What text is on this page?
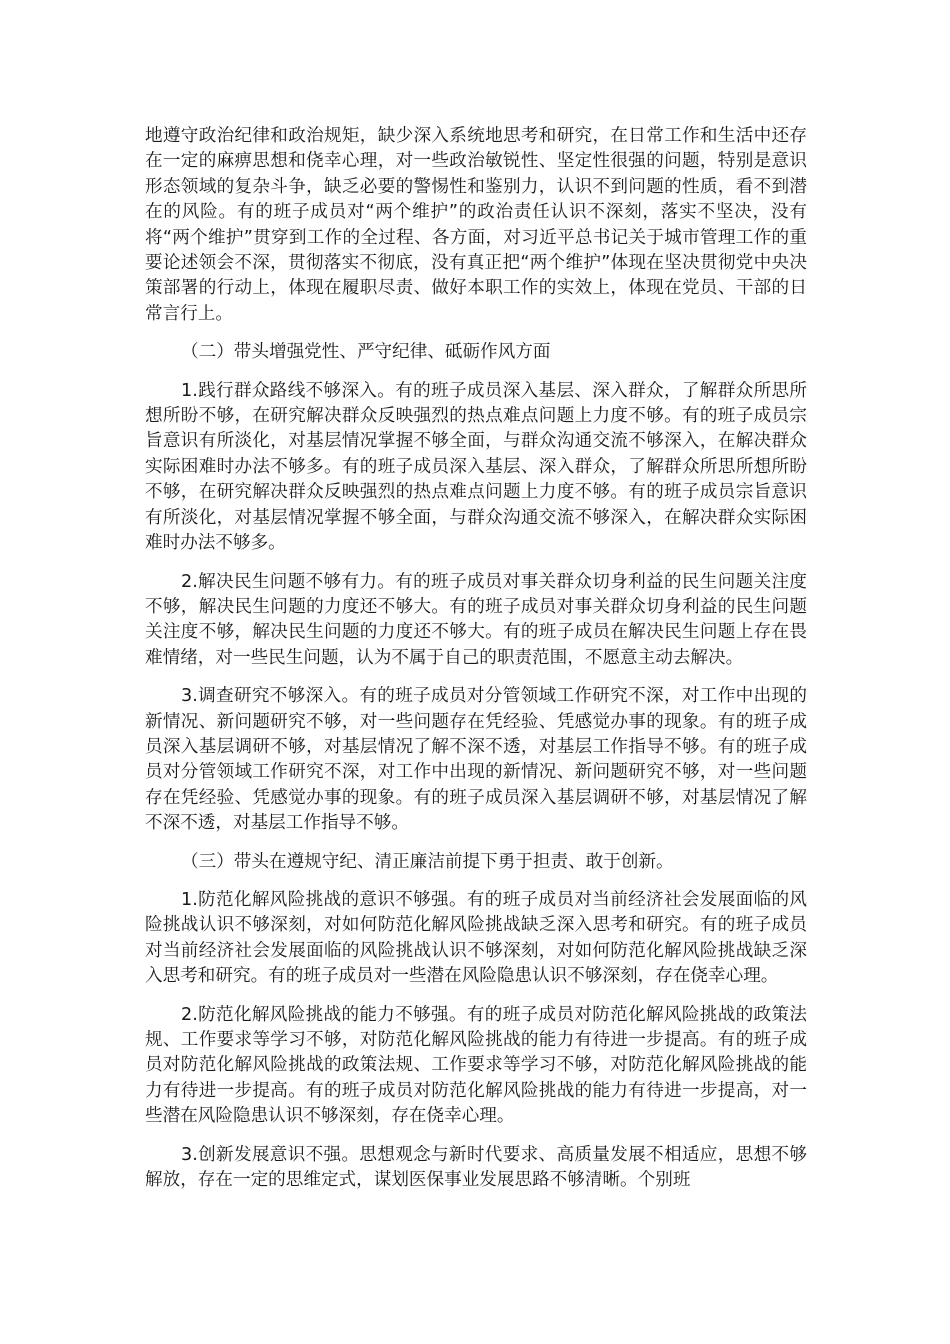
地遵守政治纪律和政治规矩，缺少深入系统地思考和研究，在日常工作和生活中还存在一定的麻痹思想和侥幸心理，对一些政治敏锐性、坚定性很强的问题，特别是意识形态领域的复杂斗争，缺乏必要的警惕性和鉴别力，认识不到问题的性质，看不到潜在的风险。有的班子成员对“两个维护”的政治责任认识不深刻，落实不坚决，没有将“两个维护”贯穿到工作的全过程、各方面，对习近平总书记关于城市管理工作的重要论述领会不深，贯彻落实不彻底，没有真正把“两个维护”体现在坚决贯彻党中央决策部署的行动上，体现在履职尽责、做好本职工作的实效上，体现在党员、干部的日常言行上。

（二）带头增强党性、严守纪律、砥砺作风方面

1.践行群众路线不够深入。有的班子成员深入基层、深入群众，了解群众所思所想所盼不够，在研究解决群众反映强烈的热点难点问题上力度不够。有的班子成员宗旨意识有所淡化，对基层情况掌握不够全面，与群众沟通交流不够深入，在解决群众实际困难时办法不够多。有的班子成员深入基层、深入群众，了解群众所思所想所盼不够，在研究解决群众反映强烈的热点难点问题上力度不够。有的班子成员宗旨意识有所淡化，对基层情况掌握不够全面，与群众沟通交流不够深入，在解决群众实际困难时办法不够多。

2.解决民生问题不够有力。有的班子成员对事关群众切身利益的民生问题关注度不够，解决民生问题的力度还不够大。有的班子成员对事关群众切身利益的民生问题关注度不够，解决民生问题的力度还不够大。有的班子成员在解决民生问题上存在畏难情绪，对一些民生问题，认为不属于自己的职责范围，不愿意主动去解决。

3.调查研究不够深入。有的班子成员对分管领域工作研究不深，对工作中出现的新情况、新问题研究不够，对一些问题存在凭经验、凭感觉办事的现象。有的班子成员深入基层调研不够，对基层情况了解不深不透，对基层工作指导不够。有的班子成员对分管领域工作研究不深，对工作中出现的新情况、新问题研究不够，对一些问题存在凭经验、凭感觉办事的现象。有的班子成员深入基层调研不够，对基层情况了解不深不透，对基层工作指导不够。

（三）带头在遵规守纪、清正廉洁前提下勇于担责、敢于创新。

1.防范化解风险挑战的意识不够强。有的班子成员对当前经济社会发展面临的风险挑战认识不够深刻，对如何防范化解风险挑战缺乏深入思考和研究。有的班子成员对当前经济社会发展面临的风险挑战认识不够深刻，对如何防范化解风险挑战缺乏深入思考和研究。有的班子成员对一些潜在风险隐患认识不够深刻，存在侥幸心理。

2.防范化解风险挑战的能力不够强。有的班子成员对防范化解风险挑战的政策法规、工作要求等学习不够，对防范化解风险挑战的能力有待进一步提高。有的班子成员对防范化解风险挑战的政策法规、工作要求等学习不够，对防范化解风险挑战的能力有待进一步提高。有的班子成员对防范化解风险挑战的能力有待进一步提高，对一些潜在风险隐患认识不够深刻，存在侥幸心理。

3.创新发展意识不强。思想观念与新时代要求、高质量发展不相适应，思想不够解放，存在一定的思维定式，谋划医保事业发展思路不够清晰。个别班
